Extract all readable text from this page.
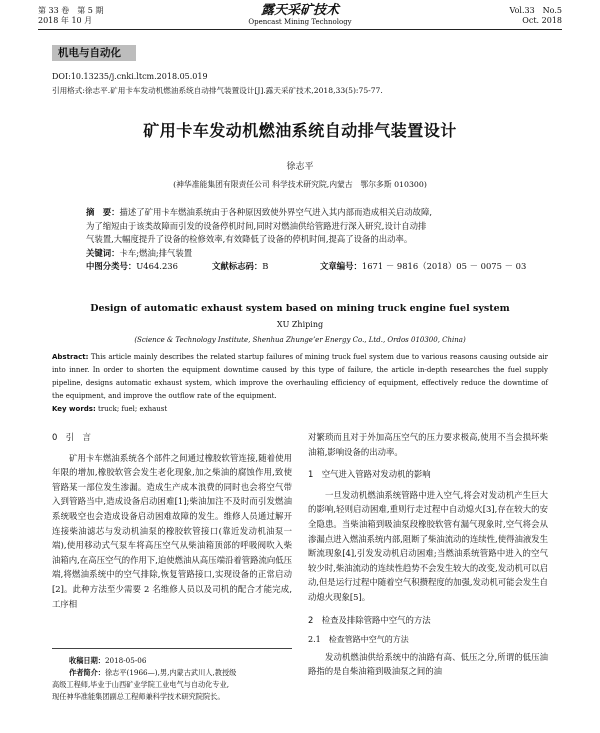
第 33 卷　第 5 期
2018 年 10 月
露天采矿技术
Opencast Mining Technology
Vol.33　No.5
Oct. 2018
机电与自动化
DOI:10.13235/j.cnki.ltcm.2018.05.019
引用格式:徐志平.矿用卡车发动机燃油系统自动排气装置设计[J].露天采矿技术,2018,33(5):75-77.
矿用卡车发动机燃油系统自动排气装置设计
徐志平
(神华准能集团有限责任公司 科学技术研究院,内蒙古　鄂尔多斯 010300)
摘　要：描述了矿用卡车燃油系统由于各种原因致使外界空气进入其内部而造成相关启动故障,
为了缩短由于该类故障而引发的设备停机时间,同时对燃油供给管路进行深入研究,设计自动排
气装置,大幅度提升了设备的检修效率,有效降低了设备的停机时间,提高了设备的出动率。
关键词：卡车;燃油;排气装置
中图分类号：U464.236	文献标志码：B	文章编号：1671 － 9816（2018）05 － 0075 － 03
Design of automatic exhaust system based on mining truck engine fuel system
XU Zhiping
(Science & Technology Institute, Shenhua Zhungeʼer Energy Co., Ltd., Ordos 010300, China)
Abstract: This article mainly describes the related startup failures of mining truck fuel system due to various reasons causing outside air into inner. In order to shorten the equipment downtime caused by this type of failure, the article in-depth researches the fuel supply pipeline, designs automatic exhaust system, which improve the overhauling efficiency of equipment, effectively reduce the downtime of the equipment, and improve the outflow rate of the equipment.
Key words: truck; fuel; exhaust
0　引　言

矿用卡车燃油系统各个部件之间通过橡胶软管连接,随着使用年限的增加,橡胶软管会发生老化现象,加之柴油的腐蚀作用,致使管路某一部位发生渗漏。造成生产成本浪费的同时也会将空气带入到管路当中,造成设备启动困难[1];柴油加注不及时而引发燃油系统吸空也会造成设备启动困难故障的发生。维修人员通过解开连接柴油滤芯与发动机油泵的橡胶软管接口(靠近发动机油泵一端),使用移动式气泵车将高压空气从柴油箱顶部的呼吸阀吹入柴油箱内,在高压空气的作用下,迫使燃油从高压端沿着管路流向低压端,将燃油系统中的空气排除,恢复管路接口,实现设备的正常启动[2]。此种方法至少需要 2 名维修人员以及司机的配合才能完成,工序相

对繁琐而且对于外加高压空气的压力要求极高,使用不当会损坏柴油箱,影响设备的出动率。

1　空气进入管路对发动机的影响

一旦发动机燃油系统管路中进入空气,将会对发动机产生巨大的影响,轻则启动困难,重则行走过程中自动熄火[3],存在较大的安全隐患。当柴油箱到吸油泵段橡胶软管有漏气现象时,空气将会从渗漏点进入燃油系统内部,阻断了柴油流动的连续性,使得油液发生断流现象[4],引发发动机启动困难;当燃油系统管路中进入的空气较少时,柴油流动的连续性趋势不会发生较大的改变,发动机可以启动,但是运行过程中随着空气积攒程度的加强,发动机可能会发生自动熄火现象[5]。

2　检查及排除管路中空气的方法
2.1　检查管路中空气的方法

发动机燃油供给系统中的油路有高、低压之分,所谓的低压油路指的是自柴油箱到吸油泵之间的油

收稿日期：2018-05-06
作者简介：徐志平(1966—),男,内蒙古武川人,教授级
高级工程师,毕业于山西矿业学院工业电气与自动化专业,
现任神华准能集团副总工程师兼科学技术研究院院长。
